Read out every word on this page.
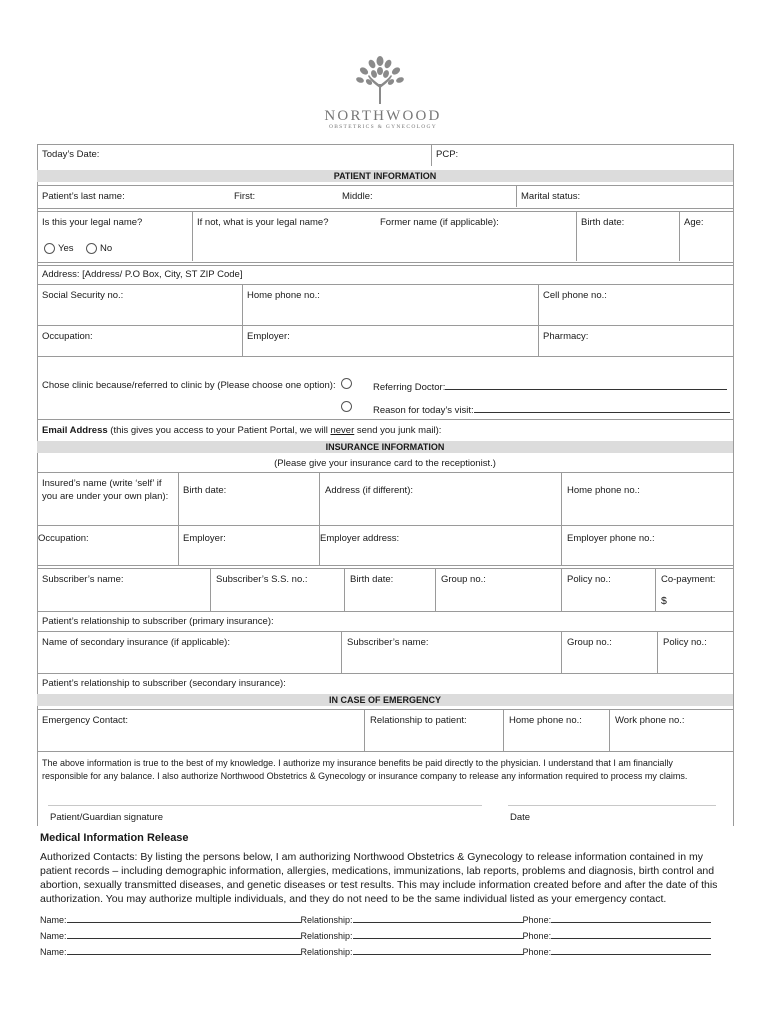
NORTHWOOD
OBSTETRICS & GYNECOLOGY
Today’s Date:	PCP:
PATIENT INFORMATION
Patient’s last name:	First:	Middle:	Marital status:
Is this your legal name?	If not, what is your legal name?	Former name (if applicable):	Birth date:	Age:
Yes	No
Address: [Address/ P.O Box, City, ST ZIP Code]
Social Security no.:	Home phone no.:	Cell phone no.:
Occupation:	Employer:	Pharmacy:
Chose clinic because/referred to clinic by (Please choose one option):	Referring Doctor:
Reason for today’s visit:
Email Address (this gives you access to your Patient Portal, we will never send you junk mail):
INSURANCE INFORMATION
(Please give your insurance card to the receptionist.)
Insured’s name (write ‘self’ if
you are under your own plan):
Birth date:	Address (if different):	Home phone no.:
Occupation:	Employer:	Employer address:	Employer phone no.:
Subscriber’s name:	Subscriber’s S.S. no.:	Birth date:	Group no.:	Policy no.:	Co-payment:
$
Patient’s relationship to subscriber (primary insurance):
Name of secondary insurance (if applicable):	Subscriber’s name:	Group no.:	Policy no.:
Patient’s relationship to subscriber (secondary insurance):
IN CASE OF EMERGENCY
Emergency Contact:	Relationship to patient:	Home phone no.:	Work phone no.:
The above information is true to the best of my knowledge. I authorize my insurance benefits be paid directly to the physician. I understand that I am financially
responsible for any balance. I also authorize Northwood Obstetrics & Gynecology or insurance company to release any information required to process my claims.
Patient/Guardian signature	Date
Medical Information Release
Authorized Contacts: By listing the persons below, I am authorizing Northwood Obstetrics & Gynecology to release information contained in my
patient records – including demographic information, allergies, medications, immunizations, lab reports, problems and diagnosis, birth control and
abortion, sexually transmitted diseases, and genetic diseases or test results. This may include information created before and after the date of this
authorization. You may authorize multiple individuals, and they do not need to be the same individual listed as your emergency contact.
Name:	Relationship:	Phone:
Name:	Relationship:	Phone:
Name:	Relationship:	Phone:
